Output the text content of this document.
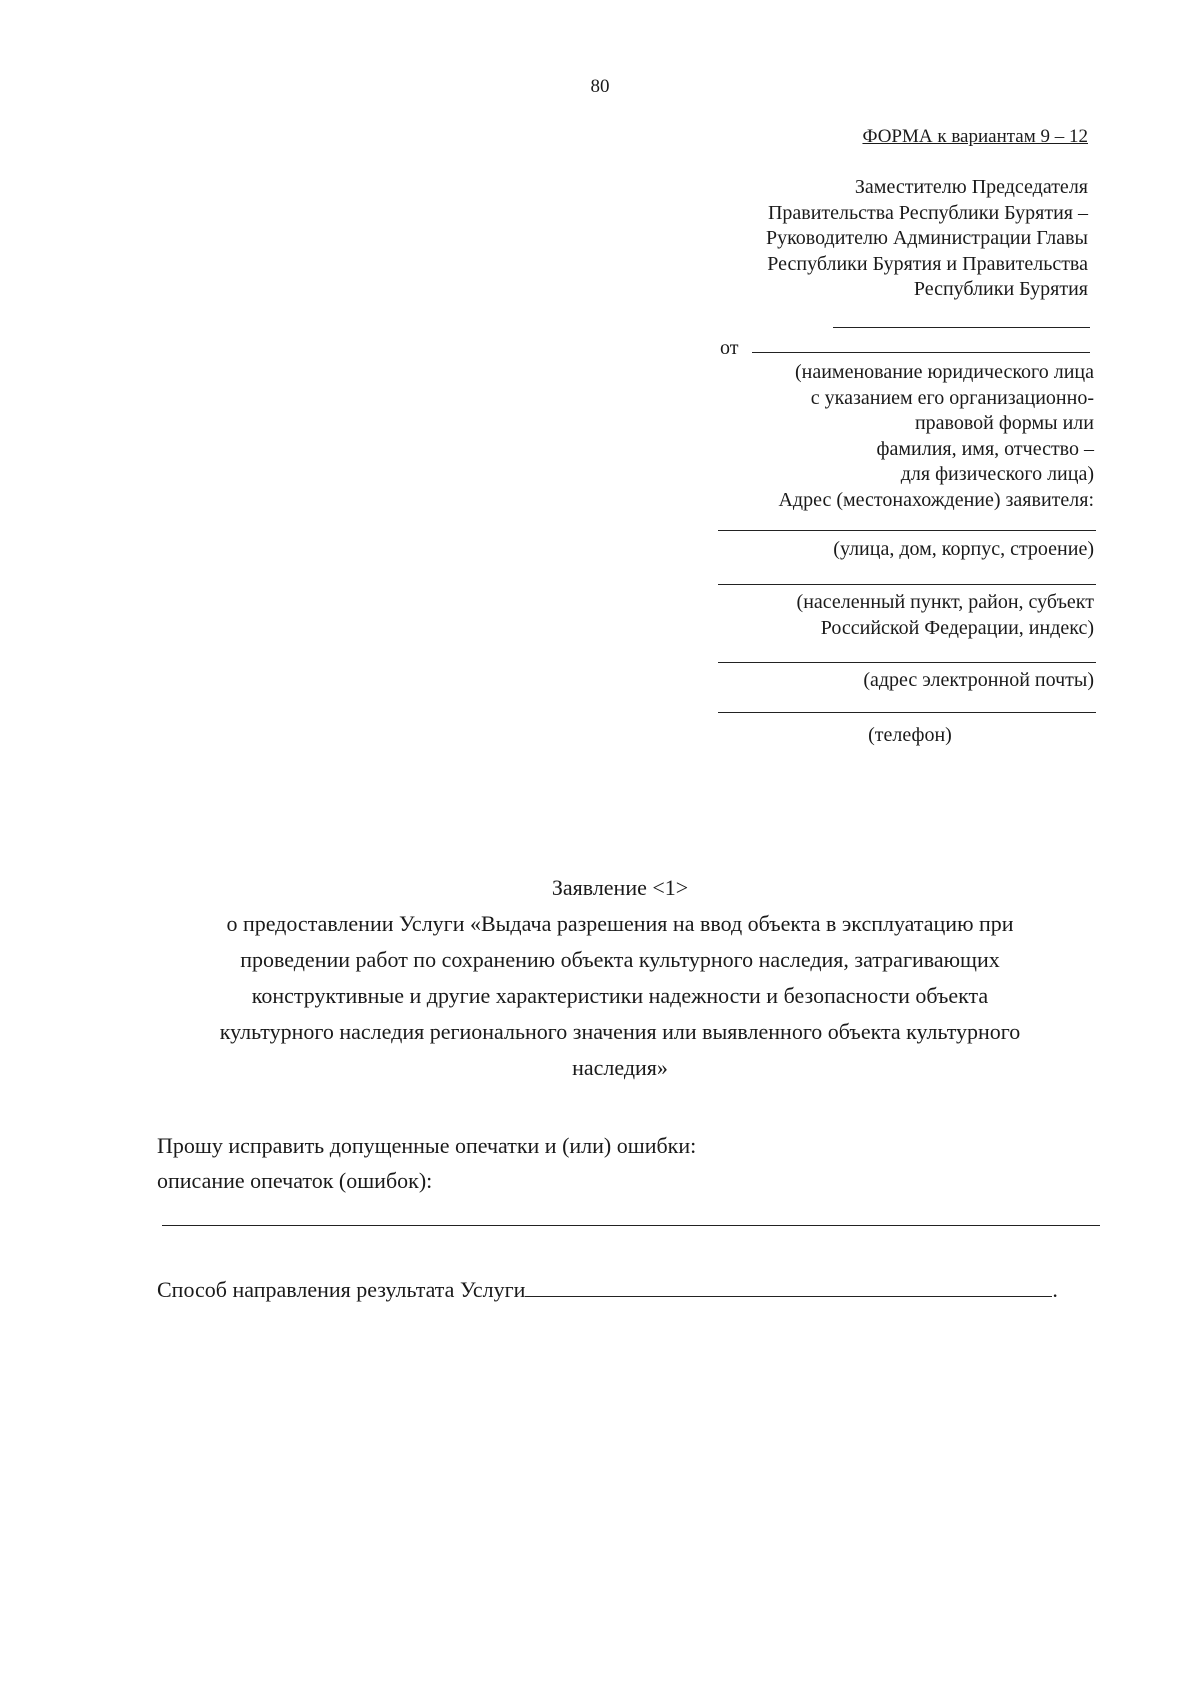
80
ФОРМА к вариантам 9 – 12
Заместителю Председателя
Правительства Республики Бурятия –
Руководителю Администрации Главы
Республики Бурятия и Правительства
Республики Бурятия
от
(наименование юридического лица
с указанием его организационно-
правовой формы или
фамилия, имя, отчество –
для физического лица)
Адрес (местонахождение) заявителя:
(улица, дом, корпус, строение)
(населенный пункт, район, субъект
Российской Федерации, индекс)
(адрес электронной почты)
(телефон)
Заявление <1>
о предоставлении Услуги «Выдача разрешения на ввод объекта в эксплуатацию при
проведении работ по сохранению объекта культурного наследия, затрагивающих
конструктивные и другие характеристики надежности и безопасности объекта
культурного наследия регионального значения или выявленного объекта культурного
наследия»
Прошу исправить допущенные опечатки и (или) ошибки:
описание опечаток (ошибок):
Способ направления результата Услуги	.
